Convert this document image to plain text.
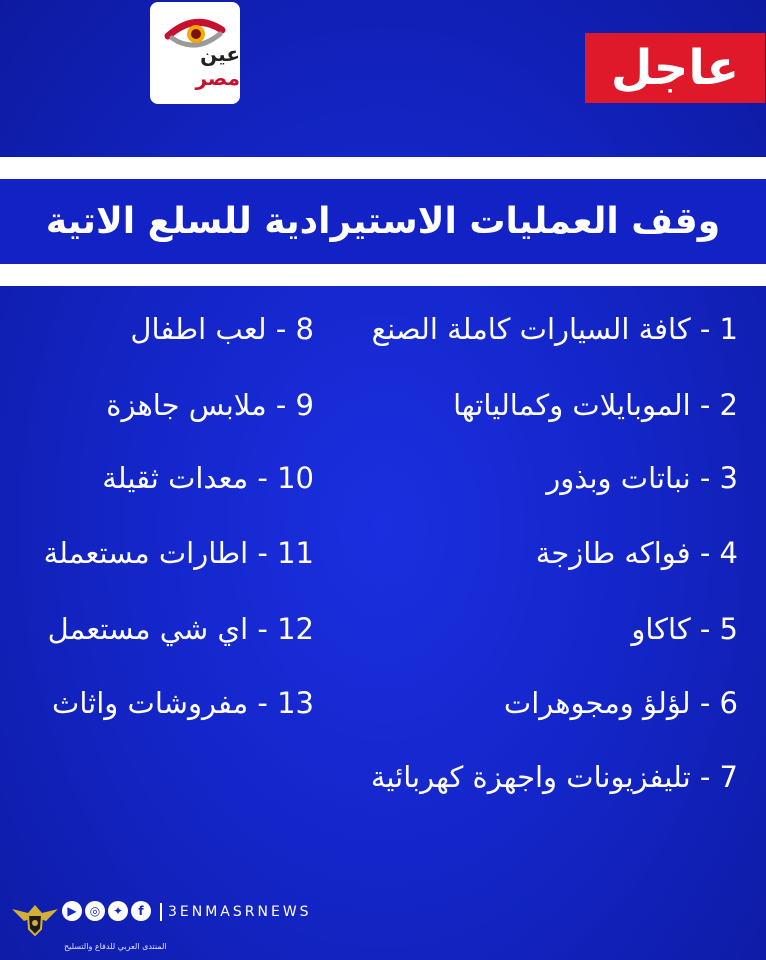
عين مصر	عاجل
وقف العمليات الاستيرادية للسلع الاتية
1 - كافة السيارات كاملة الصنع
2 - الموبايلات وكمالياتها
3 - نباتات وبذور
4 - فواكه طازجة
5 - كاكاو
6 - لؤلؤ ومجوهرات
7 - تليفزيونات واجهزة كهربائية
8 - لعب اطفال
9 - ملابس جاهزة
10 - معدات ثقيلة
11 - اطارات مستعملة
12 - اي شي مستعمل
13 - مفروشات واثاث
▶	◎	✦	f	3ENMASRNEWS
المنتدى العربي للدفاع والتسليح
